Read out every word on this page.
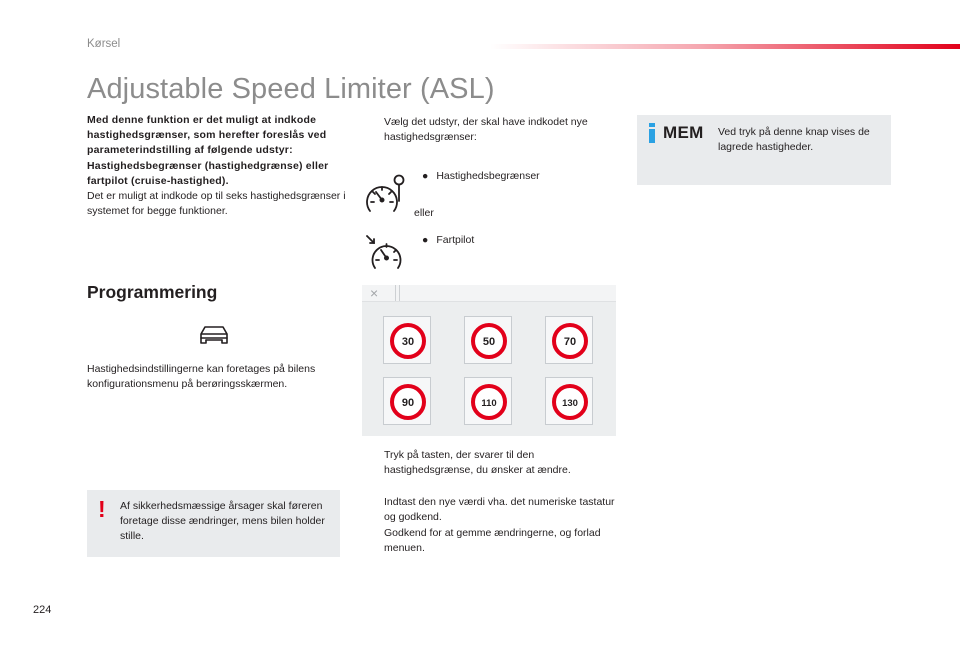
Kørsel
Adjustable Speed Limiter (ASL)
Med denne funktion er det muligt at indkode hastighedsgrænser, som herefter foreslås ved parameterindstilling af følgende udstyr: Hastighedsbegrænser (hastighedgrænse) eller fartpilot (cruise-hastighed).
Det er muligt at indkode op til seks hastighedsgrænser i systemet for begge funktioner.
Programmering
Hastighedsindstillingerne kan foretages på bilens konfigurationsmenu på berøringsskærmen.
! Af sikkerhedsmæssige årsager skal føreren foretage disse ændringer, mens bilen holder stille.
Vælg det udstyr, der skal have indkodet nye hastighedsgrænser:
● Hastighedsbegrænser
eller
● Fartpilot
×
30	50	70
90	110	130
Tryk på tasten, der svarer til den hastighedsgrænse, du ønsker at ændre.
Indtast den nye værdi vha. det numeriske tastatur og godkend.
Godkend for at gemme ændringerne, og forlad menuen.
MEM Ved tryk på denne knap vises de lagrede hastigheder.
224
